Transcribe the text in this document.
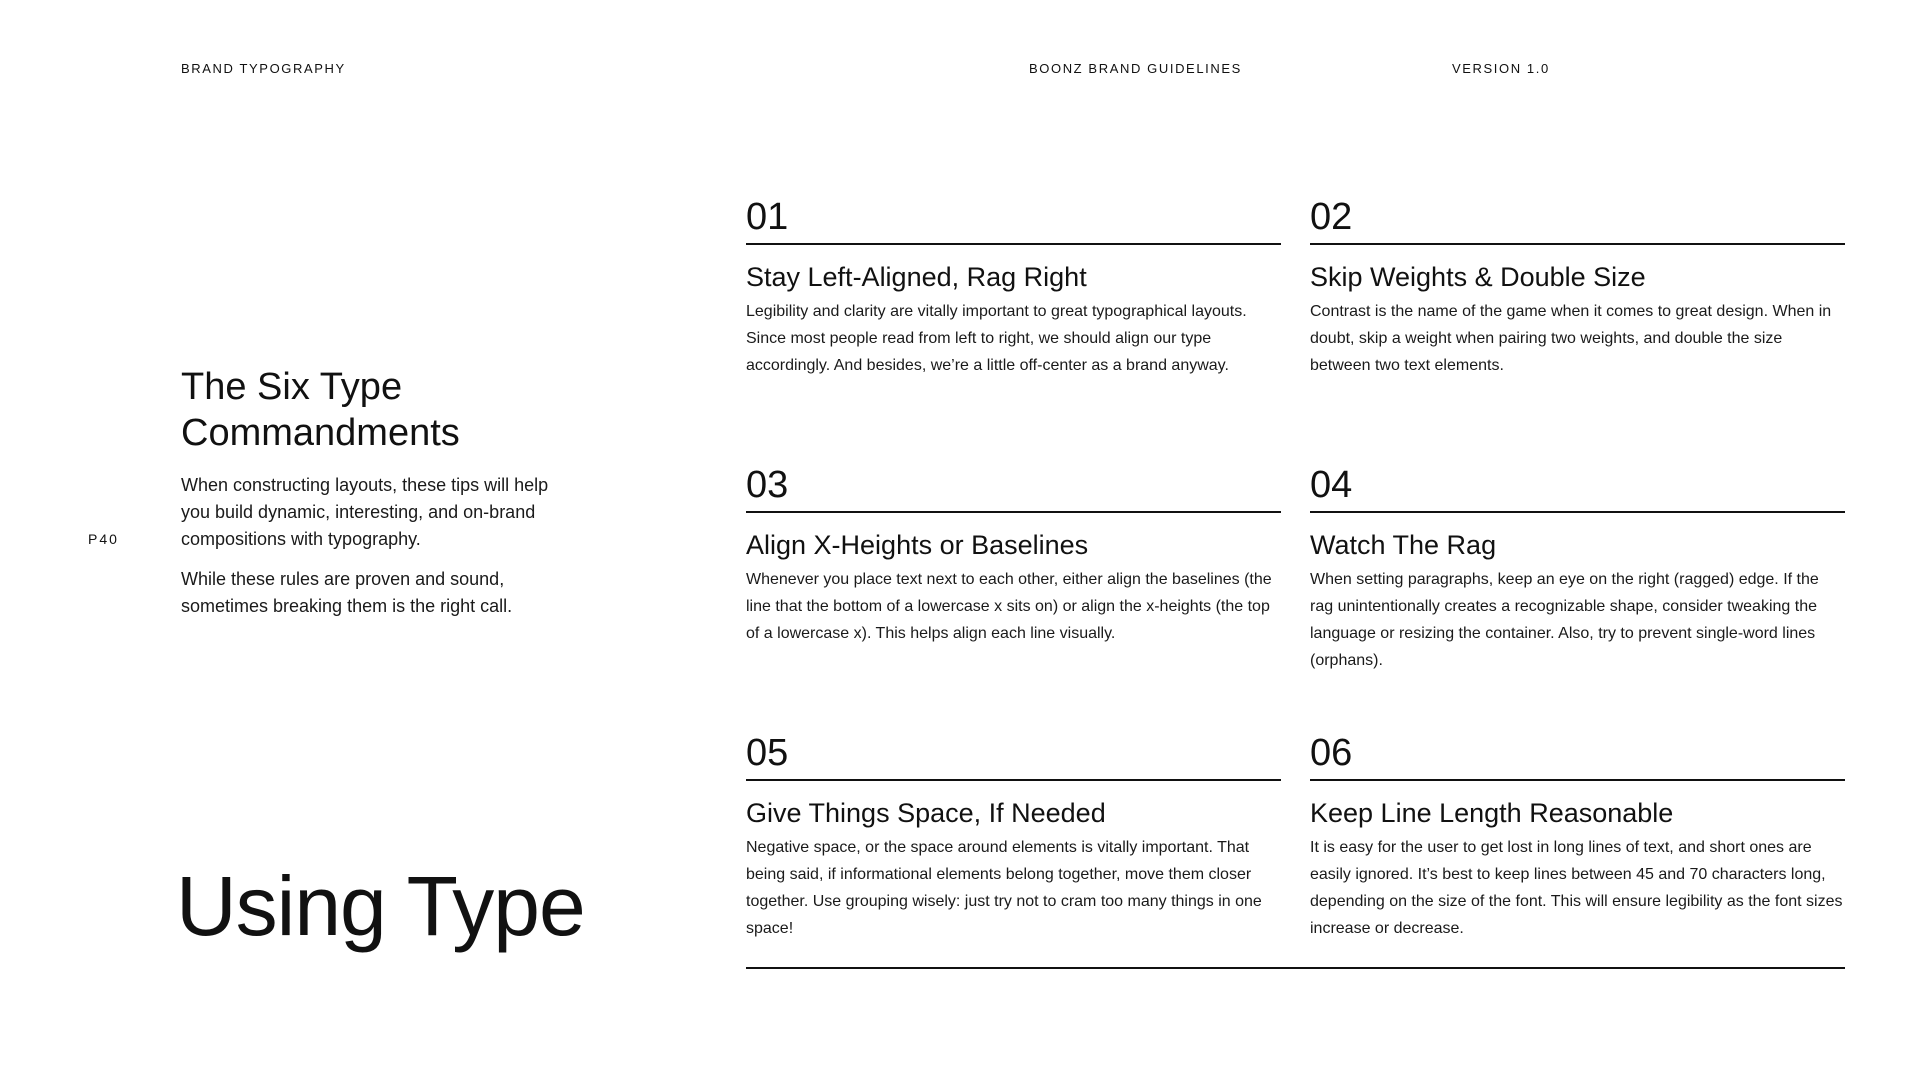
BRAND TYPOGRAPHY	BOONZ BRAND GUIDELINES	VERSION 1.0
P40
The Six Type Commandments

When constructing layouts, these tips will help you build dynamic, interesting, and on-brand compositions with typography.

While these rules are proven and sound, sometimes breaking them is the right call.

Using Type
01
Stay Left-Aligned, Rag Right
Legibility and clarity are vitally important to great typographical layouts. Since most people read from left to right, we should align our type accordingly. And besides, we’re a little off-center as a brand anyway.
02
Skip Weights & Double Size
Contrast is the name of the game when it comes to great design. When in doubt, skip a weight when pairing two weights, and double the size between two text elements.
03
Align X-Heights or Baselines
Whenever you place text next to each other, either align the baselines (the line that the bottom of a lowercase x sits on) or align the x-heights (the top of a lowercase x). This helps align each line visually.
04
Watch The Rag
When setting paragraphs, keep an eye on the right (ragged) edge. If the rag unintentionally creates a recognizable shape, consider tweaking the language or resizing the container. Also, try to prevent single-word lines (orphans).
05
Give Things Space, If Needed
Negative space, or the space around elements is vitally important. That being said, if informational elements belong together, move them closer together. Use grouping wisely: just try not to cram too many things in one space!
06
Keep Line Length Reasonable
It is easy for the user to get lost in long lines of text, and short ones are easily ignored. It’s best to keep lines between 45 and 70 characters long, depending on the size of the font. This will ensure legibility as the font sizes increase or decrease.
